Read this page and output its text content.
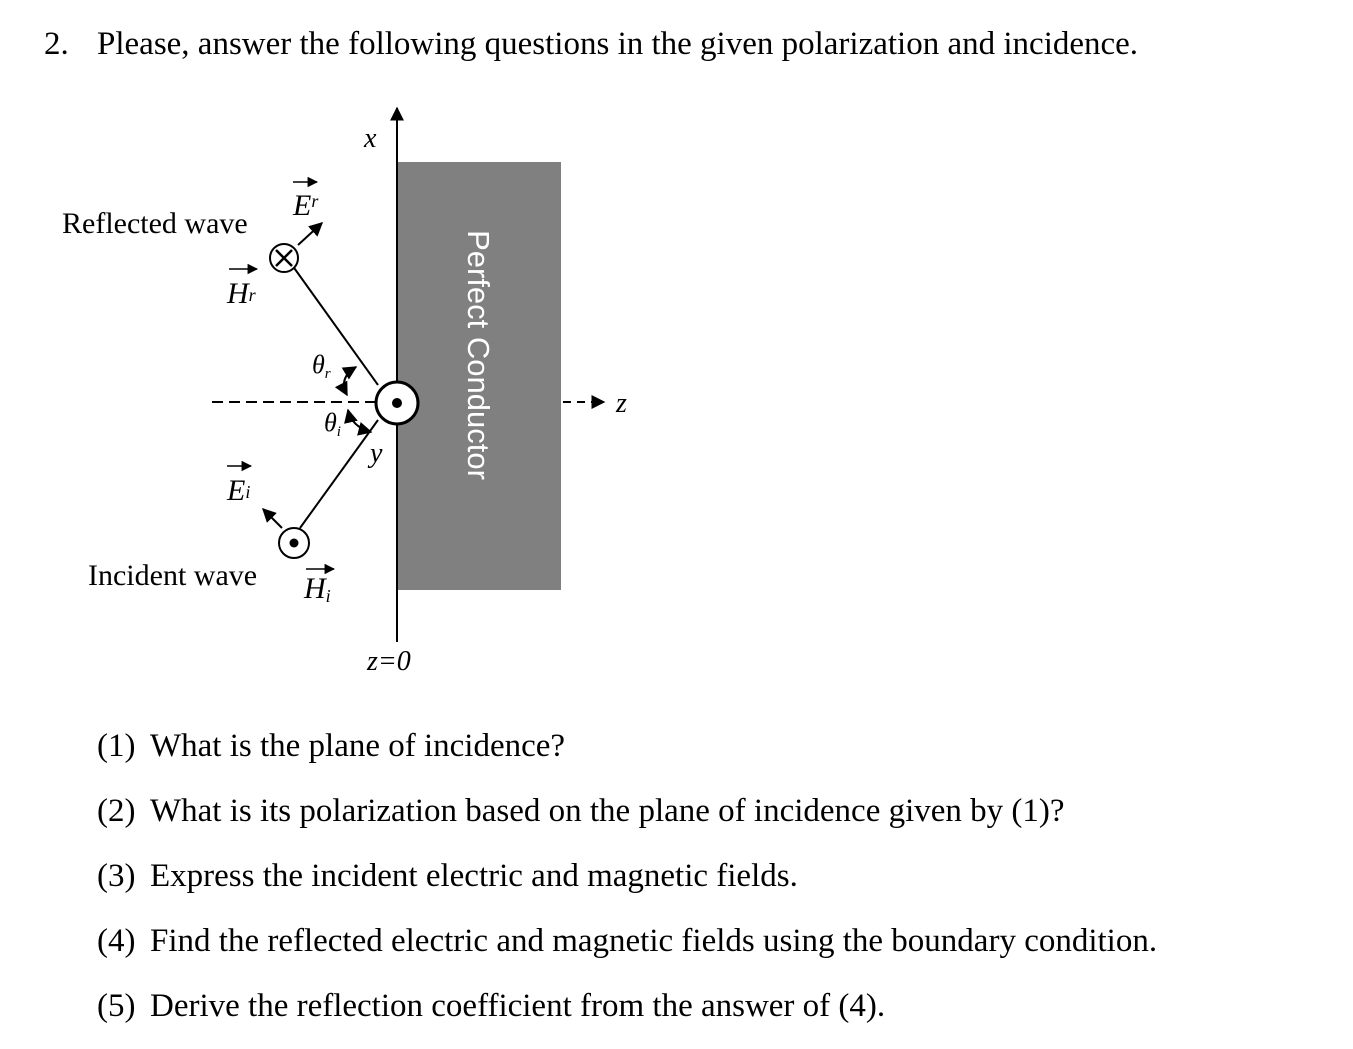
2. Please, answer the following questions in the given polarization and incidence.
Perfect Conductor
x
z
z=0
y
θr
θi
Reflected wave
$E^r$
Hr
Ei
Incident wave Hi
(1) What is the plane of incidence?
(2) What is its polarization based on the plane of incidence given by (1)?
(3) Express the incident electric and magnetic fields.
(4) Find the reflected electric and magnetic fields using the boundary condition.
(5) Derive the reflection coefficient from the answer of (4).
